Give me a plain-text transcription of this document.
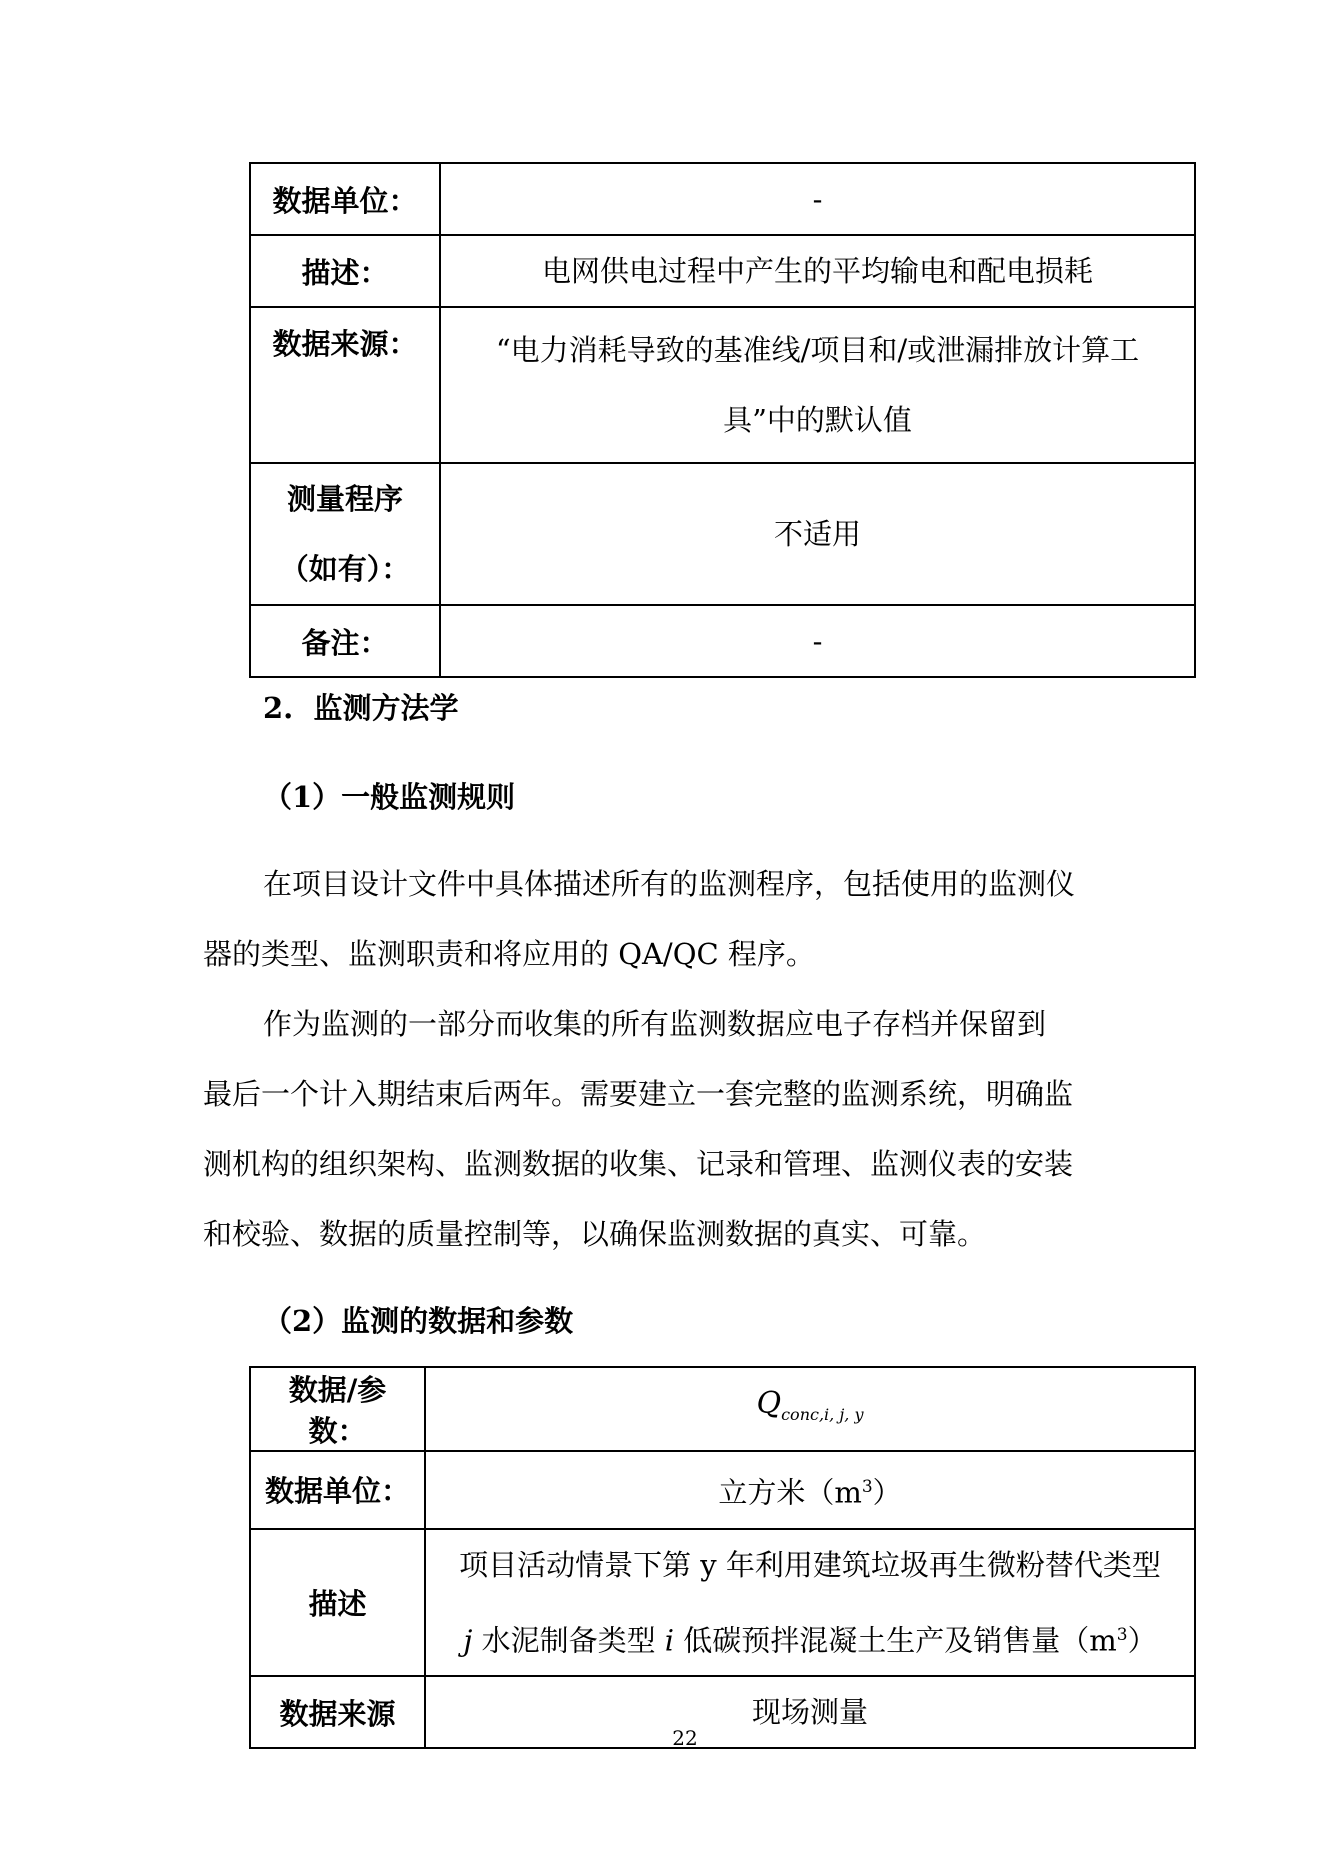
数据单位：	-
描述：	电网供电过程中产生的平均输电和配电损耗
数据来源：	“电力消耗导致的基准线/项目和/或泄漏排放计算工
具”中的默认值

测量程序
（如有）：	不适用
备注：	-
2.  监测方法学
（1）一般监测规则
在项目设计文件中具体描述所有的监测程序，包括使用的监测仪
器的类型、监测职责和将应用的 QA/QC 程序。
作为监测的一部分而收集的所有监测数据应电子存档并保留到
最后一个计入期结束后两年。需要建立一套完整的监测系统，明确监
测机构的组织架构、监测数据的收集、记录和管理、监测仪表的安装
和校验、数据的质量控制等，以确保监测数据的真实、可靠。
（2）监测的数据和参数
数据/参数：	$Q_{conc,i, j, y}$
数据单位：	立方米$(m^3)$
描述	项目活动情景下第 y 年利用建筑垃圾再生微粉替代类型
j 水泥制备类型 i 低碳预拌混凝土生产及销售量$(m^3)$

数据来源	现场测量
22
